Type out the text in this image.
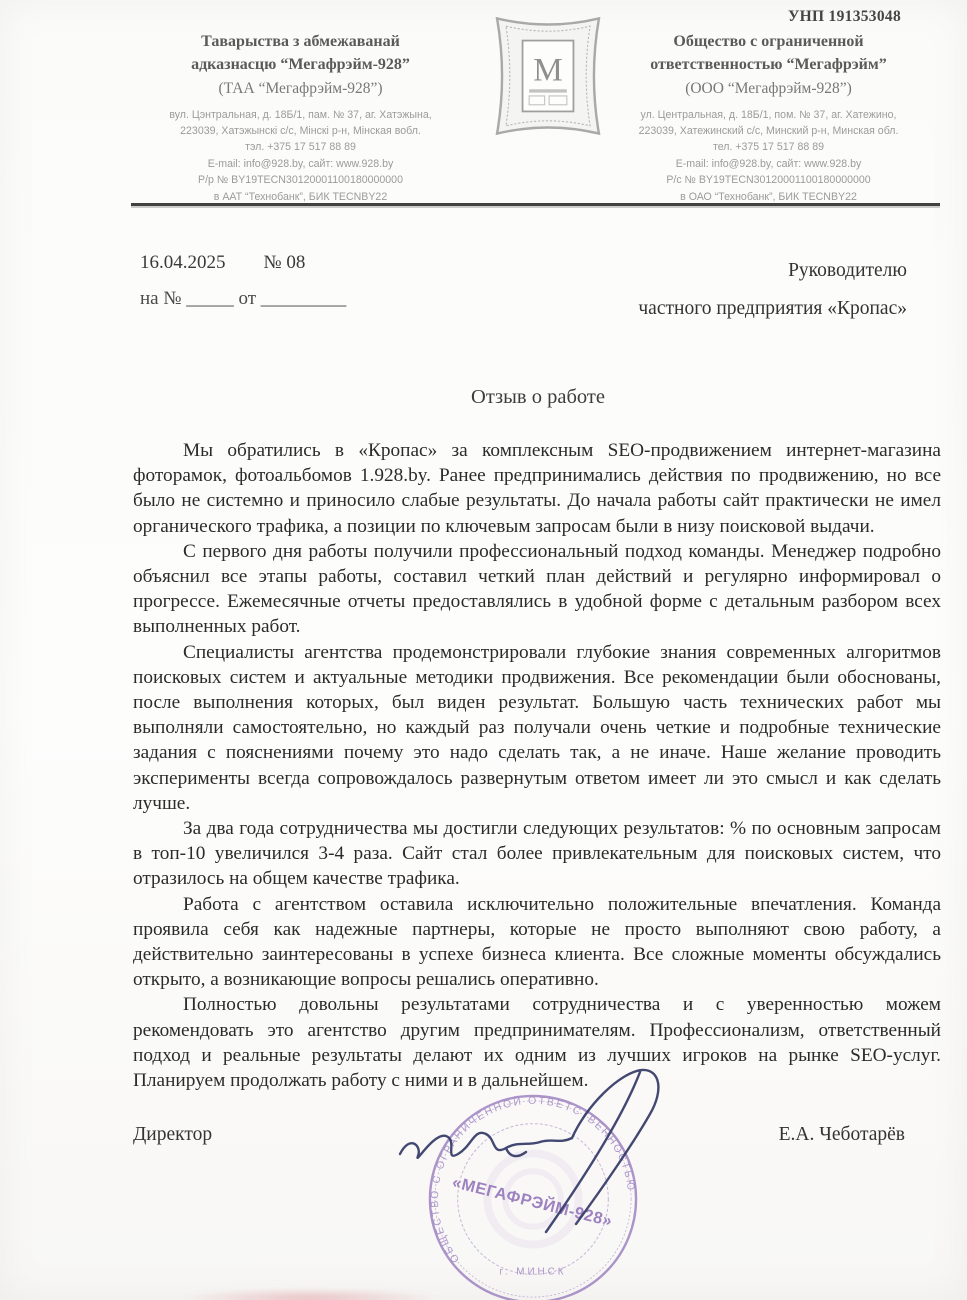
УНП 191353048
Таварыства з абмежаванай
адказнасцю “Мегафрэйм-928”
(ТАА “Мегафрэйм-928”)
вул. Цэнтральная, д. 18Б/1, пам. № 37, аг. Хатэжына,
223039, Хатэжынскі с/с, Мінскі р-н, Мінская вобл.
тэл. +375 17 517 88 89
E-mail: info@928.by, сайт: www.928.by
Р/р № BY19TECN30120001100180000000
в ААТ “Технобанк”, БИК TECNBY22
M
Общество с ограниченной
ответственностью “Мегафрэйм”
(ООО “Мегафрэйм-928”)
ул. Центральная, д. 18Б/1, пом. № 37, аг. Хатежино,
223039, Хатежинский с/с, Минский р-н, Минская обл.
тел. +375 17 517 88 89
E-mail: info@928.by, сайт: www.928.by
Р/с № BY19TECN30120001100180000000
в ОАО “Технобанк”, БИК TECNBY22
16.04.2025 № 08
на № _____ от _________
Руководителю
частного предприятия «Кропас»
Отзыв о работе

Мы обратились в «Кропас» за комплексным SEO-продвижением интернет-магазина фоторамок, фотоальбомов 1.928.by. Ранее предпринимались действия по продвижению, но все было не системно и приносило слабые результаты. До начала работы сайт практически не имел органического трафика, а позиции по ключевым запросам были в низу поисковой выдачи.

С первого дня работы получили профессиональный подход команды. Менеджер подробно объяснил все этапы работы, составил четкий план действий и регулярно информировал о прогрессе. Ежемесячные отчеты предоставлялись в удобной форме с детальным разбором всех выполненных работ.

Специалисты агентства продемонстрировали глубокие знания современных алгоритмов поисковых систем и актуальные методики продвижения. Все рекомендации были обоснованы, после выполнения которых, был виден результат. Большую часть технических работ мы выполняли самостоятельно, но каждый раз получали очень четкие и подробные технические задания с пояснениями почему это надо сделать так, а не иначе. Наше желание проводить эксперименты всегда сопровождалось развернутым ответом имеет ли это смысл и как сделать лучше.

За два года сотрудничества мы достигли следующих результатов: % по основным запросам в топ-10 увеличился 3-4 раза. Сайт стал более привлекательным для поисковых систем, что отразилось на общем качестве трафика.

Работа с агентством оставила исключительно положительные впечатления. Команда проявила себя как надежные партнеры, которые не просто выполняют свою работу, а действительно заинтересованы в успехе бизнеса клиента. Все сложные моменты обсуждались открыто, а возникающие вопросы решались оперативно.

Полностью довольны результатами сотрудничества и с уверенностью можем рекомендовать это агентство другим предпринимателям. Профессионализм, ответственный подход и реальные результаты делают их одним из лучших игроков на рынке SEO-услуг. Планируем продолжать работу с ними и в дальнейшем.

ОБЩЕСТВО С ОГРАНИЧЕННОЙ ОТВЕТСТВЕННОСТЬЮ
«МЕГАФРЭЙМ-928»
г. МИНСК
Директор	Е.А. Чеботарёв
